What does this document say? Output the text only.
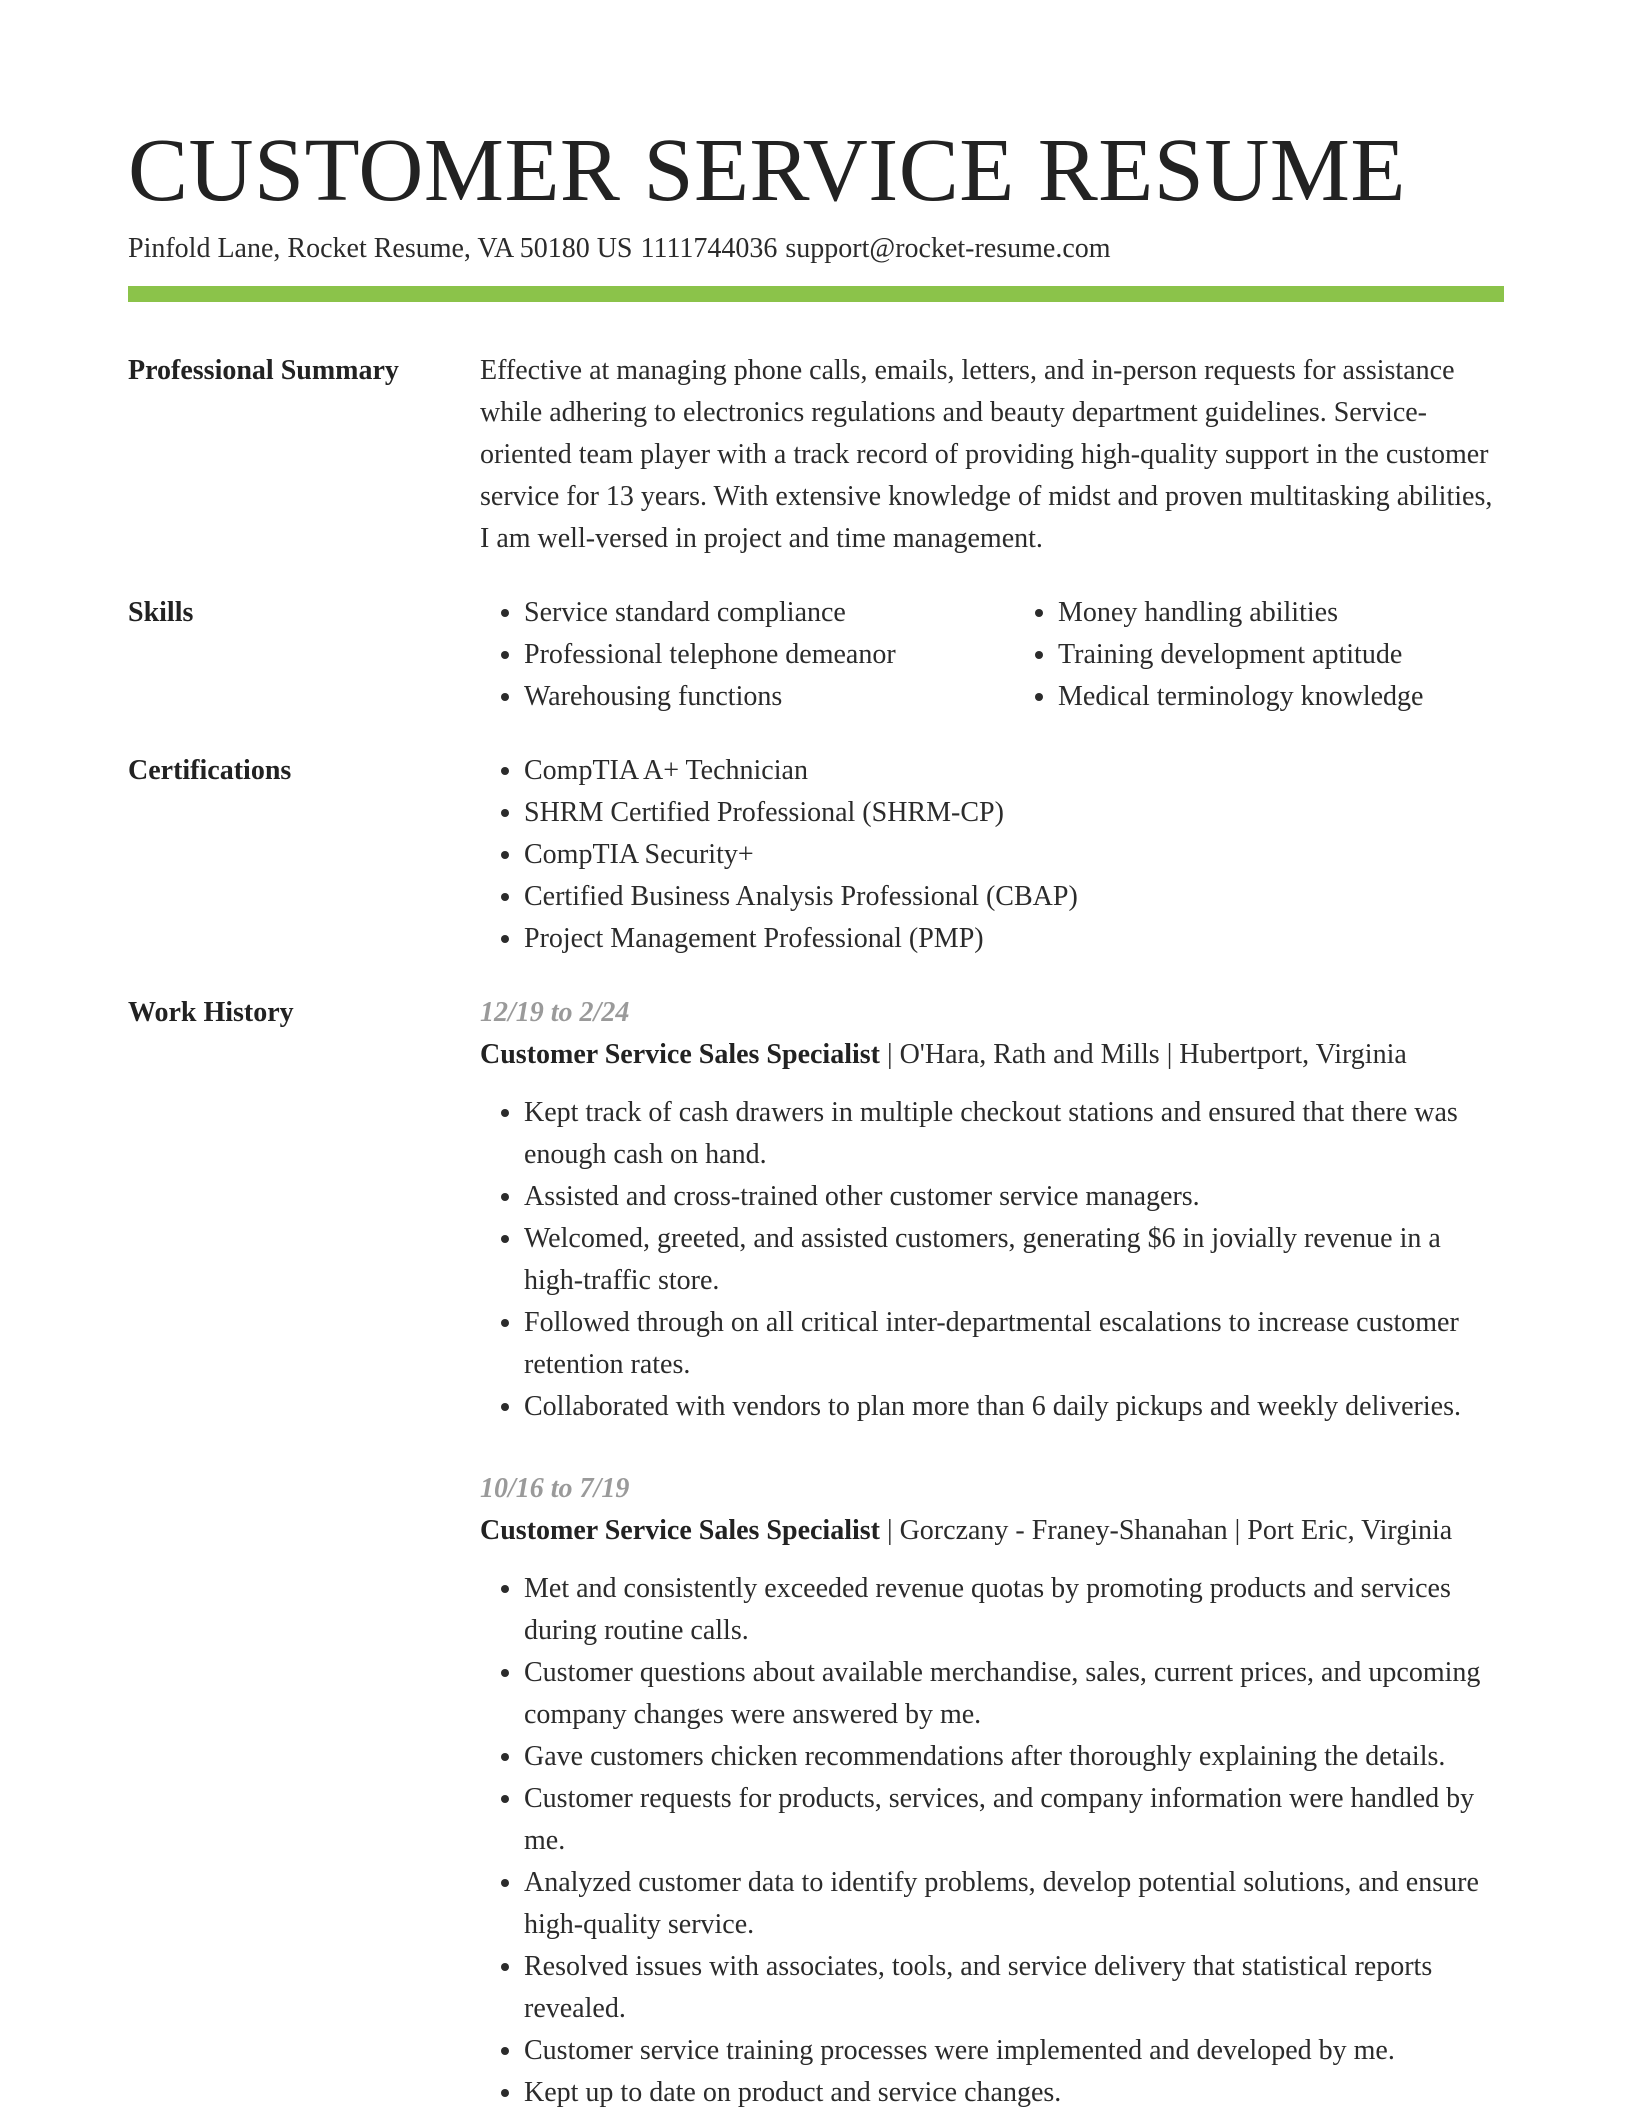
CUSTOMER SERVICE RESUME
Pinfold Lane, Rocket Resume, VA 50180 US 1111744036 support@rocket-resume.com
Professional Summary	Effective at managing phone calls, emails, letters, and in-person requests for assistance while adhering to electronics regulations and beauty department guidelines. Service-oriented team player with a track record of providing high-quality support in the customer service for 13 years. With extensive knowledge of midst and proven multitasking abilities, I am well-versed in project and time management.

Skills	• Service standard compliance
• Professional telephone demeanor
• Warehousing functions
• Money handling abilities
• Training development aptitude
• Medical terminology knowledge
Certifications	• CompTIA A+ Technician
• SHRM Certified Professional (SHRM-CP)
• CompTIA Security+
• Certified Business Analysis Professional (CBAP)
• Project Management Professional (PMP)
Work History	12/19 to 2/24
Customer Service Sales Specialist | O'Hara, Rath and Mills | Hubertport, Virginia
• Kept track of cash drawers in multiple checkout stations and ensured that there was enough cash on hand.
• Assisted and cross-trained other customer service managers.
• Welcomed, greeted, and assisted customers, generating $6 in jovially revenue in a high-traffic store.
• Followed through on all critical inter-departmental escalations to increase customer retention rates.
• Collaborated with vendors to plan more than 6 daily pickups and weekly deliveries.
10/16 to 7/19
Customer Service Sales Specialist | Gorczany - Franey-Shanahan | Port Eric, Virginia
• Met and consistently exceeded revenue quotas by promoting products and services during routine calls.
• Customer questions about available merchandise, sales, current prices, and upcoming company changes were answered by me.
• Gave customers chicken recommendations after thoroughly explaining the details.
• Customer requests for products, services, and company information were handled by me.
• Analyzed customer data to identify problems, develop potential solutions, and ensure high-quality service.
• Resolved issues with associates, tools, and service delivery that statistical reports revealed.
• Customer service training processes were implemented and developed by me.
• Kept up to date on product and service changes.
